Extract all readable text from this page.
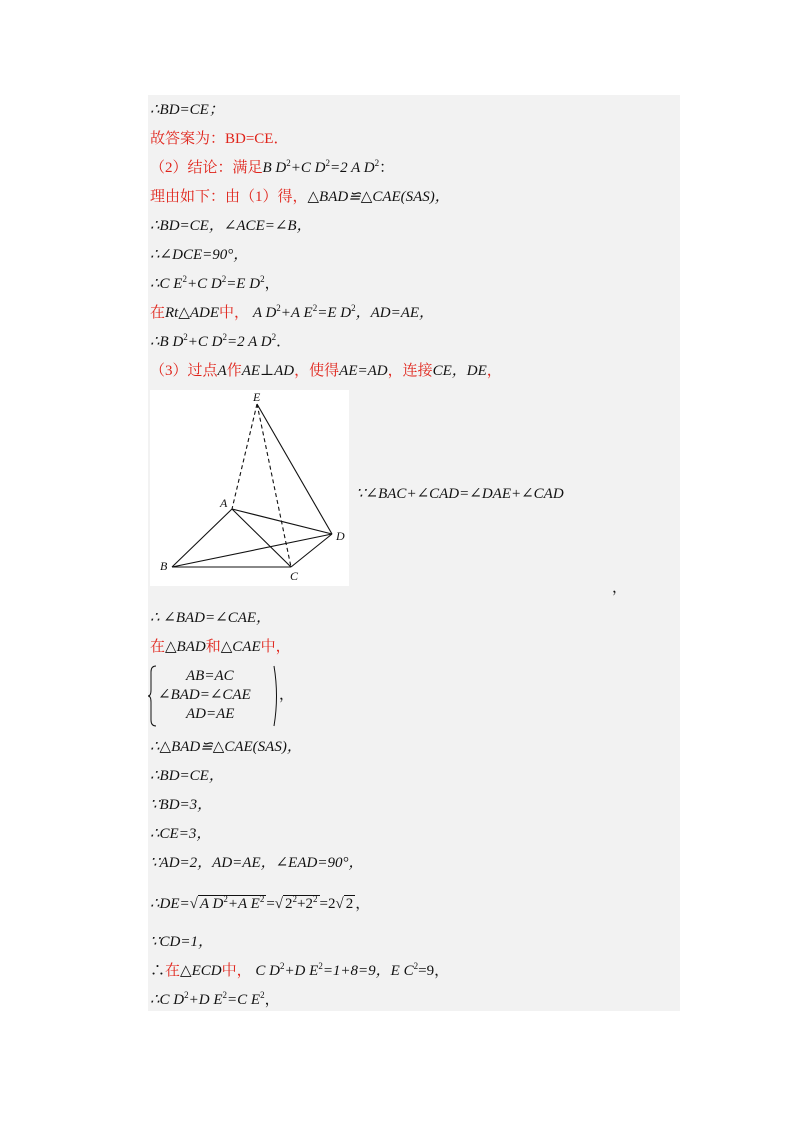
∴BD=CE；
故答案为：BD=CE．
（2）结论：满足B $D^2+C$ $D^2=2$ A $D^2$：
理由如下：由（1）得，△BAD≌△CAE(SAS)，
∴BD=CE，∠ACE=∠B，
∴∠DCE=90°，
∴C $E^2+C$ $D^2=E$ $D^2$，
在Rt△ADE中， A $D^2+A$ $E^2=E$ $D^2$，AD=AE，
∴B $D^2+C$ $D^2=2$ A $D^2$．
（3）过点A作AE⊥AD，使得AE=AD，连接CE，DE，
E
A
D
B
C
∵∠BAC+∠CAD=∠DAE+∠CAD
，
∴ ∠BAD=∠CAE，
在△BAD和△CAE中，
AB=AC
∠BAD=∠CAE
AD=AE
，
∴△BAD≌△CAE(SAS)，
∴BD=CE，
∵BD=3，
∴CE=3，
∵AD=2，AD=AE，∠EAD=90°，
∴DE=√ A $D^2+A$ $E^2$ =√ $2^2+2^2 =2√$ 2 ，
∵CD=1，
∴在△ECD中， C $D^2+D$ $E^2=1+8=9$，E $C^2=9$，
∴C $D^2+D$ $E^2=C$ $E^2$，
